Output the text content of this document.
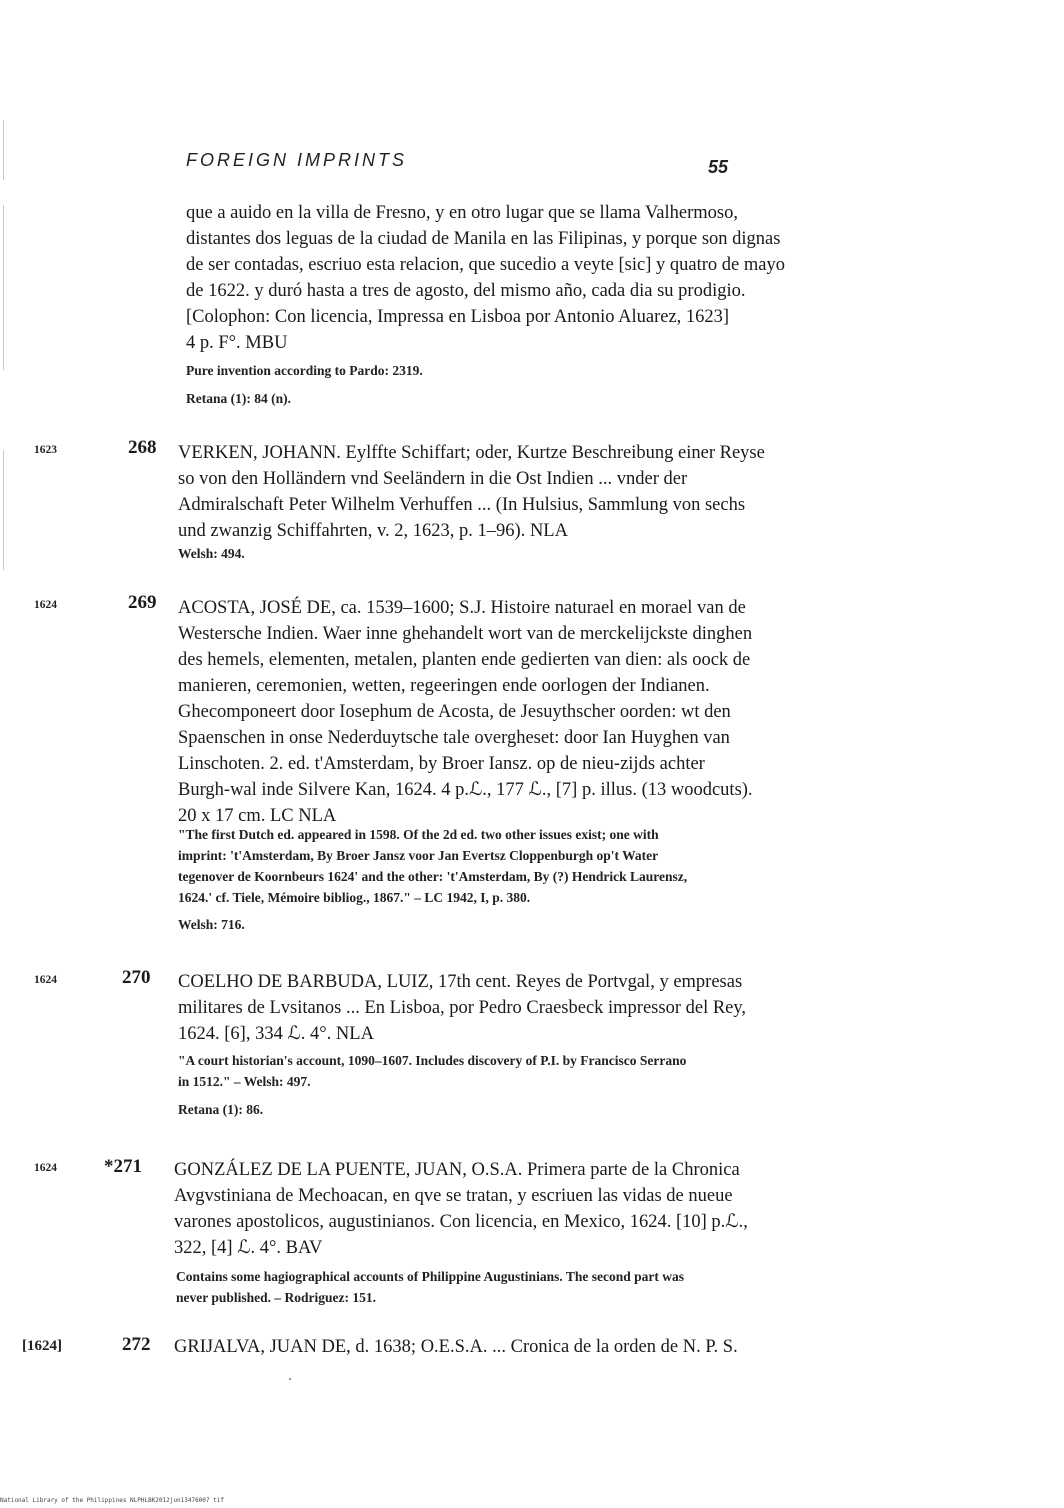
FOREIGN IMPRINTS	55
que a auido en la villa de Fresno, y en otro lugar que se llama Valhermoso,
distantes dos leguas de la ciudad de Manila en las Filipinas, y porque son dignas
de ser contadas, escriuo esta relacion, que sucedio a veyte [sic] y quatro de mayo
de 1622. y duró hasta a tres de agosto, del mismo año, cada dia su prodigio.
[Colophon: Con licencia, Impressa en Lisboa por Antonio Aluarez, 1623]
4 p. F°. MBU
Pure invention according to Pardo: 2319.
Retana (1): 84 (n).
1623	268 VERKEN, JOHANN. Eylffte Schiffart; oder, Kurtze Beschreibung einer Reyse
so von den Holländern vnd Seeländern in die Ost Indien ... vnder der
Admiralschaft Peter Wilhelm Verhuffen ... (In Hulsius, Sammlung von sechs
und zwanzig Schiffahrten, v. 2, 1623, p. 1–96). NLA
Welsh: 494.
1624	269 ACOSTA, JOSÉ DE, ca. 1539–1600; S.J. Histoire naturael en morael van de
Westersche Indien. Waer inne ghehandelt wort van de merckelijckste dinghen
des hemels, elementen, metalen, planten ende gedierten van dien: als oock de
manieren, ceremonien, wetten, regeeringen ende oorlogen der Indianen.
Ghecomponeert door Iosephum de Acosta, de Jesuythscher oorden: wt den
Spaenschen in onse Nederduytsche tale overgheset: door Ian Huyghen van
Linschoten. 2. ed. t'Amsterdam, by Broer Iansz. op de nieu-zijds achter
Burgh-wal inde Silvere Kan, 1624. 4 p.ℒ., 177 ℒ., [7] p. illus. (13 woodcuts).
20 x 17 cm. LC NLA
"The first Dutch ed. appeared in 1598. Of the 2d ed. two other issues exist; one with
imprint: 't'Amsterdam, By Broer Jansz voor Jan Evertsz Cloppenburgh op't Water
tegenover de Koornbeurs 1624' and the other: 't'Amsterdam, By (?) Hendrick Laurensz,
1624.' cf. Tiele, Mémoire bibliog., 1867." – LC 1942, I, p. 380.
Welsh: 716.
1624	270 COELHO DE BARBUDA, LUIZ, 17th cent. Reyes de Portvgal, y empresas
militares de Lvsitanos ... En Lisboa, por Pedro Craesbeck impressor del Rey,
1624. [6], 334 ℒ. 4°. NLA
"A court historian's account, 1090–1607. Includes discovery of P.I. by Francisco Serrano
in 1512." – Welsh: 497.
Retana (1): 86.
1624 *271 GONZÁLEZ DE LA PUENTE, JUAN, O.S.A. Primera parte de la Chronica
Avgvstiniana de Mechoacan, en qve se tratan, y escriuen las vidas de nueue
varones apostolicos, augustinianos. Con licencia, en Mexico, 1624. [10] p.ℒ.,
322, [4] ℒ. 4°. BAV
Contains some hagiographical accounts of Philippine Augustinians. The second part was
never published. – Rodriguez: 151.
[1624]	272 GRIJALVA, JUAN DE, d. 1638; O.E.S.A. ... Cronica de la orden de N. P. S.
National Library of the Philippines NLPHLBK2012jun13476007 tif
